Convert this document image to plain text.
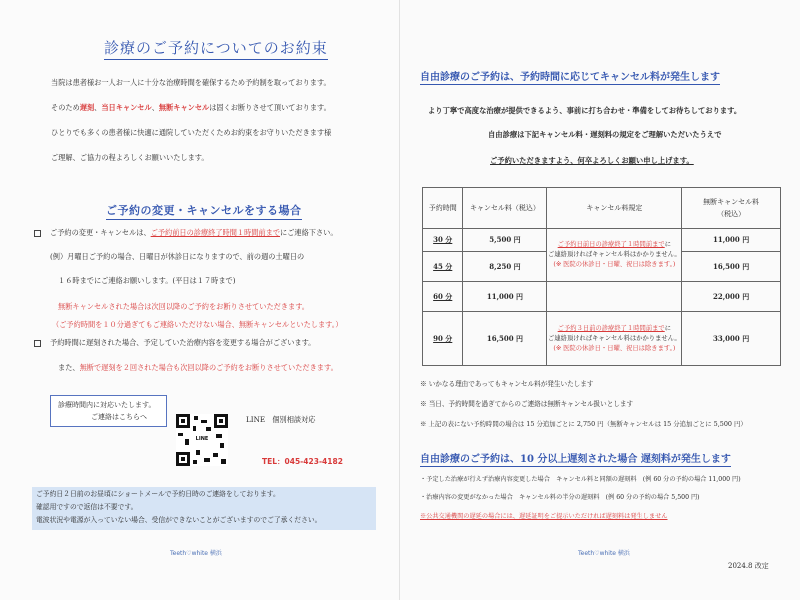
診療のご予約についてのお約束
当院は患者様お一人お一人に十分な治療時間を確保するため予約制を取っております。
そのため遅刻、当日キャンセル、無断キャンセルは固くお断りさせて頂いております。
ひとりでも多くの患者様に快適に通院していただくためお約束をお守りいただきます様
ご理解、ご協力の程よろしくお願いいたします。
ご予約の変更・キャンセルをする場合
ご予約の変更・キャンセルは、ご予約前日の診療終了時間１時間前までにご連絡下さい。
(例）月曜日ご予約の場合、日曜日が休診日になりますので、前の週の土曜日の
１６時までにご連絡お願いします。(平日は１７時まで)
無断キャンセルされた場合は次回以降のご予約をお断りさせていただきます。
（ご予約時間を１０分過ぎてもご連絡いただけない場合、無断キャンセルといたします。）
予約時間に遅刻された場合、予定していた治療内容を変更する場合がございます。
また、無断で遅刻を２回された場合も次回以降のご予約をお断りさせていただきます。
診療時間内に対応いたします。
ご連絡はこちらへ
LINE
LINE　個別相談対応
TEL：045-423-4182
ご予約日２日前のお昼頃にショートメールで予約日時のご連絡をしております。
確認用ですので返信は不要です。
電波状況や電源が入っていない場合、受信ができないことがございますのでご了承ください。
Teeth♡white 横浜
自由診療のご予約は、予約時間に応じてキャンセル料が発生します
より丁寧で高度な治療が提供できるよう、事前に打ち合わせ・準備をしてお待ちしております。
自由診療は下記キャンセル料・遅刻料の規定をご理解いただいたうえで
ご予約いただきますよう、何卒よろしくお願い申し上げます。
予約時間	キャンセル料（税込）	キャンセル料規定	無断キャンセル料
（税込）
30 分	5,500 円	ご予約日前日の診療終了１時間前までに
ご連絡頂ければキャンセル料はかかりません。
(※ 医院の休診日・日曜、祝日は除きます。)	11,000 円
45 分	8,250 円		16,500 円
60 分	11,000 円		22,000 円
90 分	16,500 円	ご予約３日前の診療終了１時間前までに
ご連絡頂ければキャンセル料はかかりません。
(※ 医院の休診日・日曜、祝日は除きます。)	33,000 円
※ いかなる理由であってもキャンセル料が発生いたします
※ 当日、予約時間を過ぎてからのご連絡は無断キャンセル扱いとします
※ 上記の表にない予約時間の場合は 15 分追加ごとに 2,750 円（無断キャンセルは 15 分追加ごとに 5,500 円）
自由診療のご予約は、10 分以上遅刻された場合 遅刻料が発生します
・予定した治療が行えず治療内容変更した場合　キャンセル料と同額の遅刻料　(例 60 分の予約の場合 11,000 円)
・治療内容の変更がなかった場合　キャンセル料の半分の遅刻料　(例 60 分の予約の場合 5,500 円)
※公共交通機関の遅延の場合には、遅延証明をご提示いただければ遅刻料は発生しません
Teeth♡white 横浜
2024.8 改定
